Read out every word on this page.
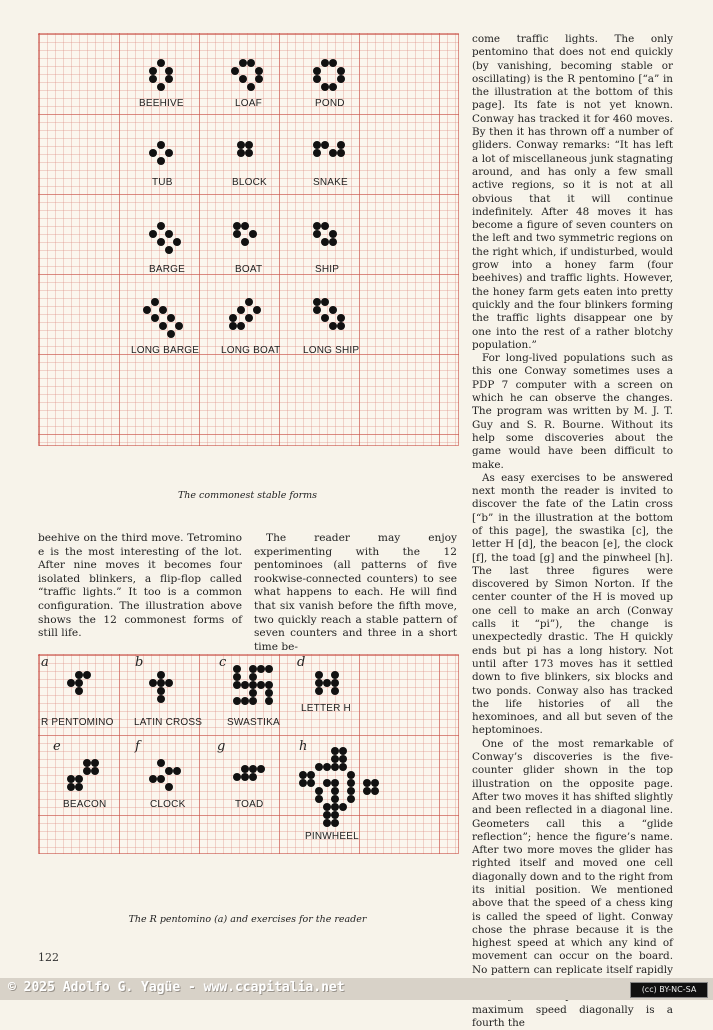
BEEHIVE	LOAF	POND
TUB	BLOCK	SNAKE
BARGE	BOAT	SHIP
LONG BARGE LONG BOAT LONG SHIP
The commonest stable forms
R PENTOMINO
a
LATIN CROSS
b
SWASTIKA
c
LETTER H
d
BEACON
e
CLOCK
f
TOAD
g
PINWHEEL
h
The R pentomino (a) and exercises for the reader

beehive on the third move. Tetromino e is the most interesting of the lot. After nine moves it becomes four isolated blinkers, a flip-flop called “traffic lights.” It too is a common configuration. The illustration above shows the 12 commonest forms of still life.

The reader may enjoy experimenting with the 12 pentominoes (all patterns of five rookwise-connected counters) to see what happens to each. He will find that six vanish before the fifth move, two quickly reach a stable pattern of seven counters and three in a short time be-

come traffic lights. The only pentomino that does not end quickly (by vanishing, becoming stable or oscillating) is the R pentomino [“a” in the illustration at the bottom of this page]. Its fate is not yet known. Conway has tracked it for 460 moves. By then it has thrown off a number of gliders. Conway remarks: “It has left a lot of miscellaneous junk stagnating around, and has only a few small active regions, so it is not at all obvious that it will continue indefinitely. After 48 moves it has become a figure of seven counters on the left and two symmetric regions on the right which, if undisturbed, would grow into a honey farm (four beehives) and traffic lights. However, the honey farm gets eaten into pretty quickly and the four blinkers forming the traffic lights disappear one by one into the rest of a rather blotchy population.”

For long-lived populations such as this one Conway sometimes uses a PDP 7 computer with a screen on which he can observe the changes. The program was written by M. J. T. Guy and S. R. Bourne. Without its help some discoveries about the game would have been difficult to make.

As easy exercises to be answered next month the reader is invited to discover the fate of the Latin cross [“b” in the illustration at the bottom of this page], the swastika [c], the letter H [d], the beacon [e], the clock [f], the toad [g] and the pinwheel [h]. The last three figures were discovered by Simon Norton. If the center counter of the H is moved up one cell to make an arch (Conway calls it “pi”), the change is unexpectedly drastic. The H quickly ends but pi has a long history. Not until after 173 moves has it settled down to five blinkers, six blocks and two ponds. Conway also has tracked the life histories of all the hexominoes, and all but seven of the heptominoes.

One of the most remarkable of Conway’s discoveries is the five-counter glider shown in the top illustration on the opposite page. After two moves it has shifted slightly and been reflected in a diagonal line. Geometers call this a “glide reflection”; hence the figure’s name. After two more moves the glider has righted itself and moved one cell diagonally down and to the right from its initial position. We mentioned above that the speed of a chess king is called the speed of light. Conway chose the phrase because it is the highest speed at which any kind of movement can occur on the board. No pattern can replicate itself rapidly maximum speed diagonally is a fourth the

122
© 2025 Adolfo G. Yagüe - www.ccapitalia.net	(cc) BY-NC-SA
